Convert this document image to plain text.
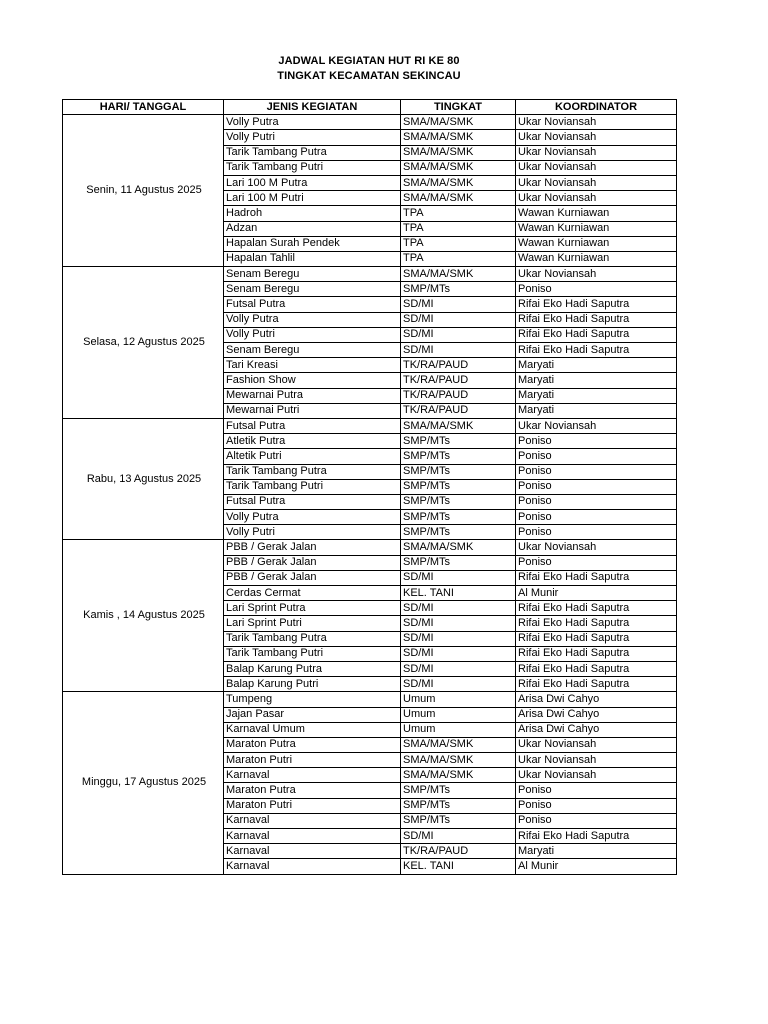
JADWAL KEGIATAN HUT RI KE 80
TINGKAT KECAMATAN SEKINCAU
HARI/ TANGGAL	JENIS KEGIATAN	TINGKAT	KOORDINATOR
Senin, 11 Agustus 2025	Volly Putra	SMA/MA/SMK	Ukar Noviansah
	Volly Putri	SMA/MA/SMK	Ukar Noviansah
	Tarik Tambang Putra	SMA/MA/SMK	Ukar Noviansah
	Tarik Tambang Putri	SMA/MA/SMK	Ukar Noviansah
	Lari 100 M Putra	SMA/MA/SMK	Ukar Noviansah
	Lari 100 M Putri	SMA/MA/SMK	Ukar Noviansah
	Hadroh	TPA	Wawan Kurniawan
	Adzan	TPA	Wawan Kurniawan
	Hapalan Surah Pendek	TPA	Wawan Kurniawan
	Hapalan Tahlil	TPA	Wawan Kurniawan
Selasa, 12 Agustus 2025	Senam Beregu	SMA/MA/SMK	Ukar Noviansah
	Senam Beregu	SMP/MTs	Poniso
	Futsal Putra	SD/MI	Rifai Eko Hadi Saputra
	Volly Putra	SD/MI	Rifai Eko Hadi Saputra
	Volly Putri	SD/MI	Rifai Eko Hadi Saputra
	Senam Beregu	SD/MI	Rifai Eko Hadi Saputra
	Tari Kreasi	TK/RA/PAUD	Maryati
	Fashion Show	TK/RA/PAUD	Maryati
	Mewarnai Putra	TK/RA/PAUD	Maryati
	Mewarnai Putri	TK/RA/PAUD	Maryati
Rabu, 13 Agustus 2025	Futsal Putra	SMA/MA/SMK	Ukar Noviansah
	Atletik Putra	SMP/MTs	Poniso
	Altetik Putri	SMP/MTs	Poniso
	Tarik Tambang Putra	SMP/MTs	Poniso
	Tarik Tambang Putri	SMP/MTs	Poniso
	Futsal Putra	SMP/MTs	Poniso
	Volly Putra	SMP/MTs	Poniso
	Volly Putri	SMP/MTs	Poniso
Kamis , 14 Agustus 2025	PBB / Gerak Jalan	SMA/MA/SMK	Ukar Noviansah
	PBB / Gerak Jalan	SMP/MTs	Poniso
	PBB / Gerak Jalan	SD/MI	Rifai Eko Hadi Saputra
	Cerdas Cermat	KEL. TANI	Al Munir
	Lari Sprint Putra	SD/MI	Rifai Eko Hadi Saputra
	Lari Sprint Putri	SD/MI	Rifai Eko Hadi Saputra
	Tarik Tambang Putra	SD/MI	Rifai Eko Hadi Saputra
	Tarik Tambang Putri	SD/MI	Rifai Eko Hadi Saputra
	Balap Karung Putra	SD/MI	Rifai Eko Hadi Saputra
	Balap Karung Putri	SD/MI	Rifai Eko Hadi Saputra
Minggu, 17 Agustus 2025	Tumpeng	Umum	Arisa Dwi Cahyo
	Jajan Pasar	Umum	Arisa Dwi Cahyo
	Karnaval Umum	Umum	Arisa Dwi Cahyo
	Maraton Putra	SMA/MA/SMK	Ukar Noviansah
	Maraton Putri	SMA/MA/SMK	Ukar Noviansah
	Karnaval	SMA/MA/SMK	Ukar Noviansah
	Maraton Putra	SMP/MTs	Poniso
	Maraton Putri	SMP/MTs	Poniso
	Karnaval	SMP/MTs	Poniso
	Karnaval	SD/MI	Rifai Eko Hadi Saputra
	Karnaval	TK/RA/PAUD	Maryati
	Karnaval	KEL. TANI	Al Munir
